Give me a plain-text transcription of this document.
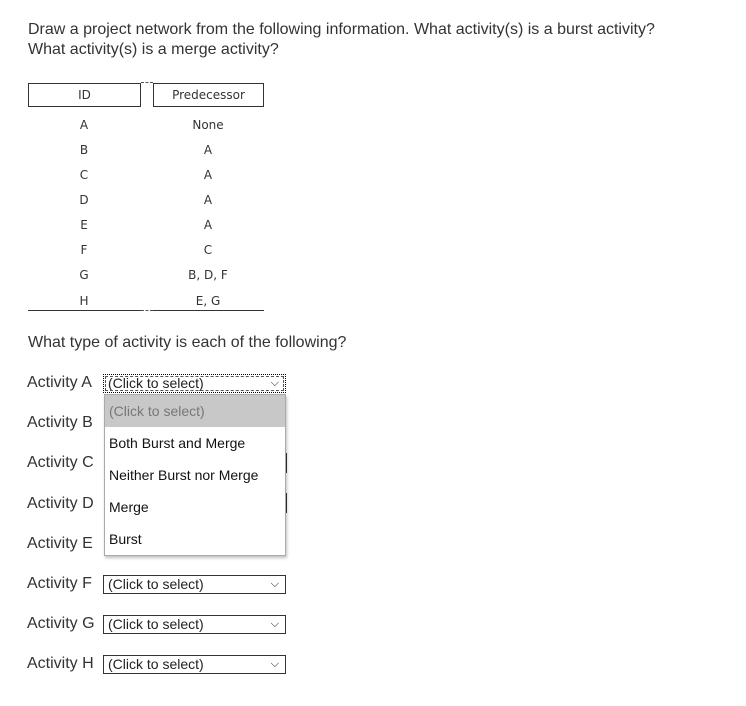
Draw a project network from the following information. What activity(s) is a burst activity?
What activity(s) is a merge activity?
ID	Predecessor
A	None
B	A
C	A
D	A
E	A
F	C
G	B, D, F
H	E, G
What type of activity is each of the following?
Activity A	(Click to select)	⌵
Activity B
Activity C
Activity D
Activity E
Activity F	(Click to select)	⌵
Activity G (Click to select)	⌵
Activity H	(Click to select)	⌵
(Click to select)
Both Burst and Merge
Neither Burst nor Merge
Merge
Burst
